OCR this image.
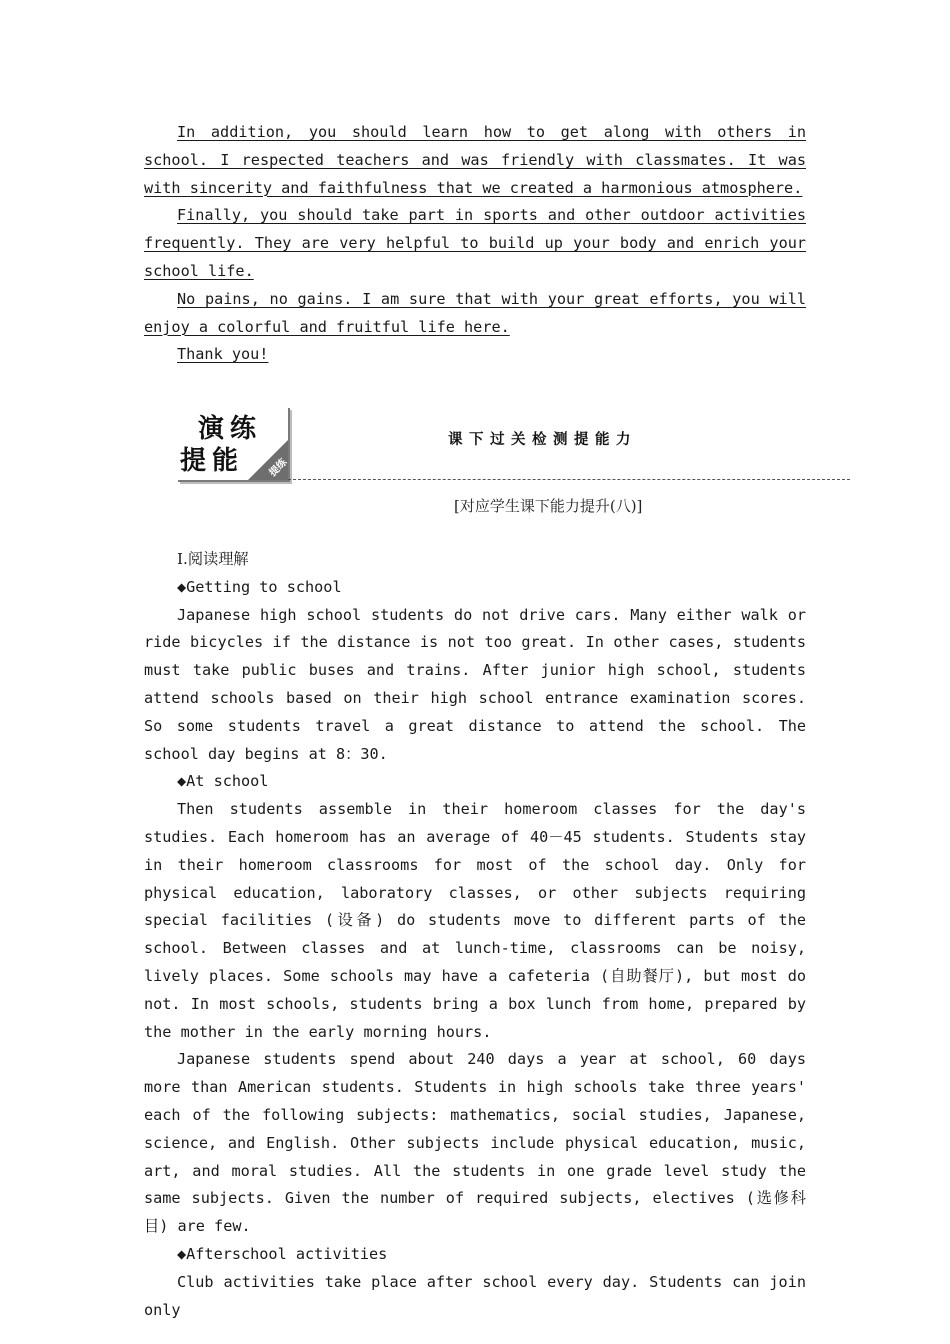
In addition, you should learn how to get along with others in school. I respected teachers and was friendly with classmates. It was with sincerity and faithfulness that we created a harmonious atmosphere.

Finally, you should take part in sports and other outdoor activities frequently. They are very helpful to build up your body and enrich your school life.

No pains, no gains. I am sure that with your great efforts, you will enjoy a colorful and fruitful life here.

Thank you!

演练
提能 提练
课下过关检测提能力
[对应学生课下能力提升(八)]

Ⅰ.阅读理解

◆Getting to school

Japanese high school students do not drive cars. Many either walk or ride bicycles if the distance is not too great. In other cases, students must take public buses and trains. After junior high school, students attend schools based on their high school entrance examination scores. So some students travel a great distance to attend the school. The school day begins at 8：30.

◆At school

Then students assemble in their homeroom classes for the day's studies. Each homeroom has an average of 40－45 students. Students stay in their homeroom classrooms for most of the school day. Only for physical education, laboratory classes, or other subjects requiring special facilities (设备) do students move to different parts of the school. Between classes and at lunch-time, classrooms can be noisy, lively places. Some schools may have a cafeteria (自助餐厅), but most do not. In most schools, students bring a box lunch from home, prepared by the mother in the early morning hours.

Japanese students spend about 240 days a year at school, 60 days more than American students. Students in high schools take three years' each of the following subjects: mathematics, social studies, Japanese, science, and English. Other subjects include physical education, music, art, and moral studies. All the students in one grade level study the same subjects. Given the number of required subjects, electives (选修科目) are few.

◆Afterschool activities

Club activities take place after school every day. Students can join only
